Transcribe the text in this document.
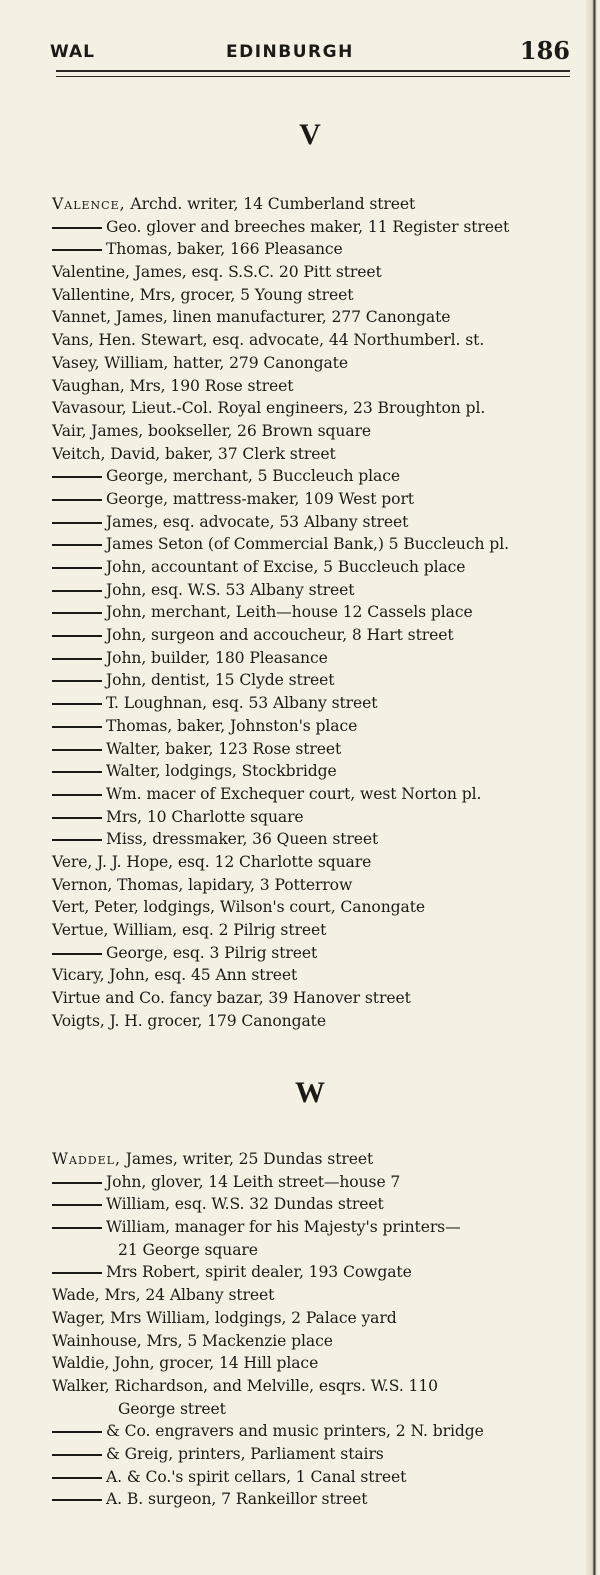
WAL	EDINBURGH	186
V
Valence, Archd. writer, 14 Cumberland street
Geo. glover and breeches maker, 11 Register street
Thomas, baker, 166 Pleasance
Valentine, James, esq. S.S.C. 20 Pitt street
Vallentine, Mrs, grocer, 5 Young street
Vannet, James, linen manufacturer, 277 Canongate
Vans, Hen. Stewart, esq. advocate, 44 Northumberl. st.
Vasey, William, hatter, 279 Canongate
Vaughan, Mrs, 190 Rose street
Vavasour, Lieut.-Col. Royal engineers, 23 Broughton pl.
Vair, James, bookseller, 26 Brown square
Veitch, David, baker, 37 Clerk street
George, merchant, 5 Buccleuch place
George, mattress-maker, 109 West port
James, esq. advocate, 53 Albany street
James Seton (of Commercial Bank,) 5 Buccleuch pl.
John, accountant of Excise, 5 Buccleuch place
John, esq. W.S. 53 Albany street
John, merchant, Leith—house 12 Cassels place
John, surgeon and accoucheur, 8 Hart street
John, builder, 180 Pleasance
John, dentist, 15 Clyde street
T. Loughnan, esq. 53 Albany street
Thomas, baker, Johnston's place
Walter, baker, 123 Rose street
Walter, lodgings, Stockbridge
Wm. macer of Exchequer court, west Norton pl.
Mrs, 10 Charlotte square
Miss, dressmaker, 36 Queen street
Vere, J. J. Hope, esq. 12 Charlotte square
Vernon, Thomas, lapidary, 3 Potterrow
Vert, Peter, lodgings, Wilson's court, Canongate
Vertue, William, esq. 2 Pilrig street
George, esq. 3 Pilrig street
Vicary, John, esq. 45 Ann street
Virtue and Co. fancy bazar, 39 Hanover street
Voigts, J. H. grocer, 179 Canongate
W
Waddel, James, writer, 25 Dundas street
John, glover, 14 Leith street—house 7
William, esq. W.S. 32 Dundas street
William, manager for his Majesty's printers—
21 George square
Mrs Robert, spirit dealer, 193 Cowgate
Wade, Mrs, 24 Albany street
Wager, Mrs William, lodgings, 2 Palace yard
Wainhouse, Mrs, 5 Mackenzie place
Waldie, John, grocer, 14 Hill place
Walker, Richardson, and Melville, esqrs. W.S. 110
George street
& Co. engravers and music printers, 2 N. bridge
& Greig, printers, Parliament stairs
A. & Co.'s spirit cellars, 1 Canal street
A. B. surgeon, 7 Rankeillor street
